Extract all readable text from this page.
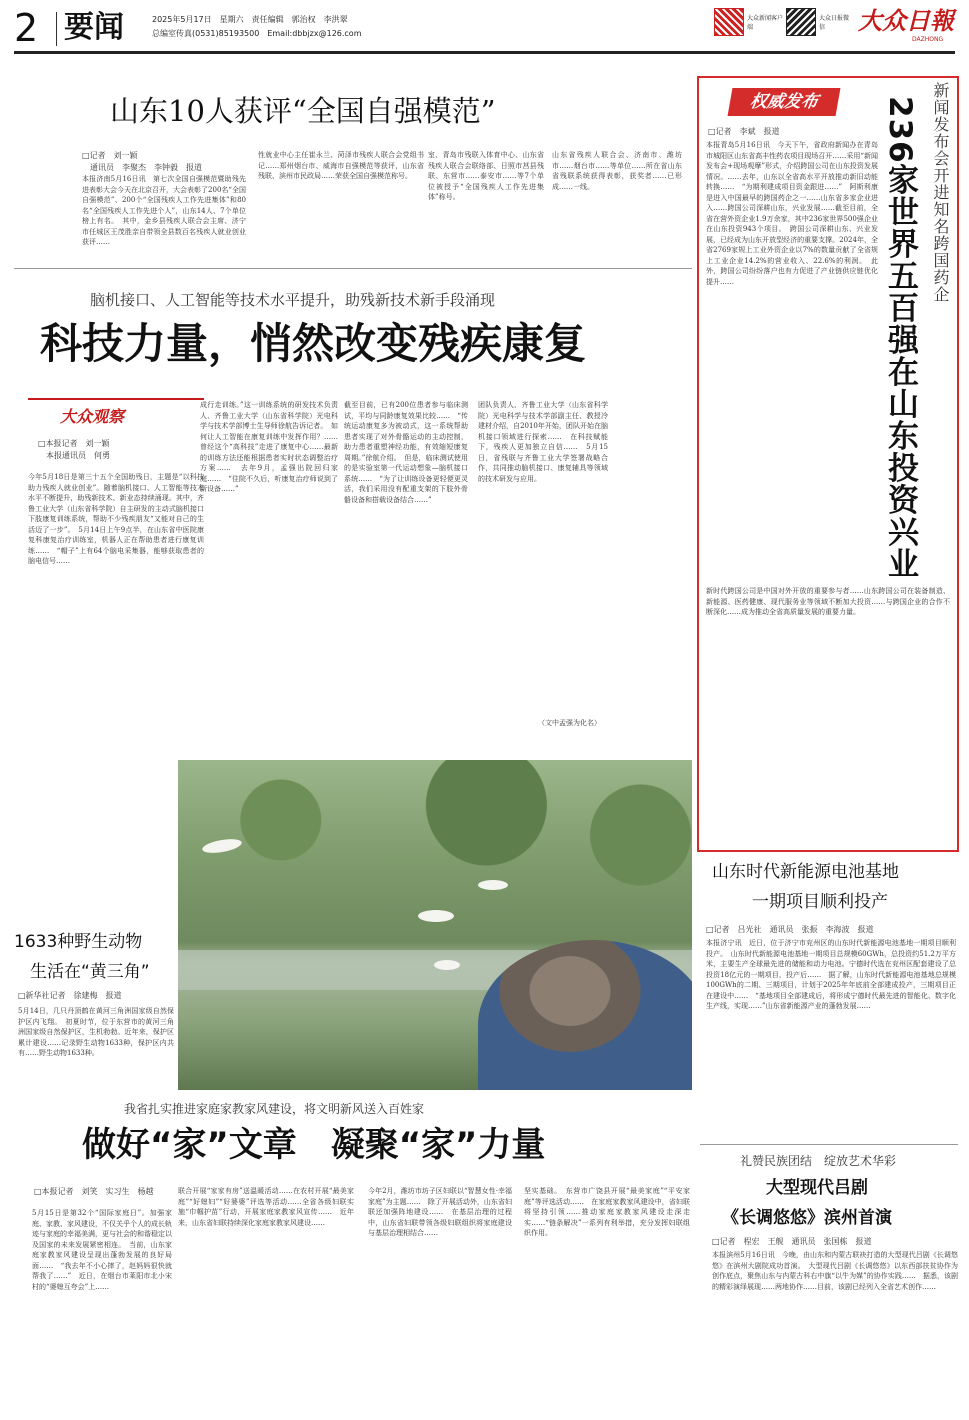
2 要闻	2025年5月17日　星期六　责任编辑　郭治权　李洪翠
总编室传真(0531)85193500　Email:dbbjzx@126.com
大众新闻客户端
大众日报微信	大众日報
DAZHONG
山东10人获评“全国自强模范”
□记者　刘一颖
　通讯员　李聚杰　李钟毅　报道
本报济南5月16日讯　第七次全国自强模范暨助残先进表彰大会今天在北京召开，大会表彰了200名“全国自强模范”、200个“全国残疾人工作先进集体”和80名“全国残疾人工作先进个人”，山东14人、7个单位榜上有名。　其中，金乡县残疾人联合会主席、济宁市任城区王茂胜亲自带领全县数百名残疾人就业创业获评……
性就业中心主任崔永兰、菏泽市残疾人联合会党组书记……郑州烟台市、威海市自强模范等获评，山东省残联、滨州市民政局……荣获全国自强模范称号。
室、青岛市残联入体育中心、山东省残疾人联合会联络部、日照市莒县残联、东营市……泰安市……等7个单位被授予“全国残疾人工作先进集体”称号。
山东省残疾人联合会、济南市、潍坊市……烟台市……等单位……所在省山东省残联系统获得表彰，获奖者……已形成……一线。
脑机接口、人工智能等技术水平提升，助残新技术新手段涌现
科技力量，悄然改变残疾康复
大众观察
□本报记者　刘一颖
　本报通讯员　何勇
今年5月18日是第三十五个全国助残日，主题是“以科技助力残疾人就业创业”。随着脑机接口、人工智能等技术水平不断提升，助残新技术、新业态持续涌现。其中，齐鲁工业大学（山东省科学院）自主研发的主动式脑机接口下肢康复训练系统，帮助不少残疾朋友“又能对自己的生活迈了一步”。　5月14日上午9点半，在山东省中医院康复科康复治疗训练室，机器人正在帮助患者进行康复训练……　“帽子”上有64个脑电采集器，能够获取患者的脑电信号……
成行走训练。”这一训练系统的研发技术负责人、齐鲁工业大学（山东省科学院）光电科学与技术学部博士生导师徐航告诉记者。　如何让人工智能在康复训练中发挥作用？……曾经这个“高科技”走进了康复中心……最新的训练方法还能根据患者实时状态调整治疗方案……　去年9月，孟强出院回归家庭……　“住院不久后，听康复治疗师说到了新设备……”
截至目前，已有200位患者参与临床测试，平均与同龄康复效果比较……　“传统运动康复多为被动式，这一系统帮助患者实现了对外骨骼运动的主动控制，助力患者重塑神经功能，有效缩短康复周期。”徐航介绍。　但是，临床测试使用的是实验室第一代运动想象—脑机接口系统……　“为了让训练设备更轻便更灵活，我们采用没有配重支架的下肢外骨骼设备和搭载设备结合……”
团队负责人、齐鲁工业大学（山东省科学院）光电科学与技术学部副主任、教授冷建材介绍，自2010年开始，团队开始在脑机接口领域进行探索……　在科技赋能下，残疾人更加独立自信……　5月15日，省残联与齐鲁工业大学签署战略合作，共同推动脑机接口、康复辅具等领域的技术研发与应用。
（文中孟强为化名）
权威发布	236家世界五百强在山东投资兴业 新闻发布会开进知名跨国药企
□记者　李斌　报道
本报青岛5月16日讯　今天下午，省政府新闻办在青岛市城阳区山东省高丰性药农项目现场召开……采用“新闻发布会+现场观摩”形式，介绍跨国公司在山东投资发展情况。……去年，山东以全省高水平开放推动新旧动能转换……　“为期利建成项目资金跟进……”　阿斯利康是进入中国最早的跨国药企之一……山东省多家企业进入……跨国公司深耕山东，兴业发展……截至目前，全省在营外资企业1.9万余家，其中236家世界500强企业在山东投资943个项目。　跨国公司深耕山东、兴业发展，已经成为山东开放型经济的重要支撑。2024年，全省2769家规上工业外资企业以7%的数量贡献了全省规上工业企业14.2%的营业收入、22.6%的利润。　此外，跨国公司纷纷落户也有力促进了产业链供应链优化提升……
新时代跨国公司是中国对外开放的重要参与者……山东跨国公司在装备制造、新能源、医药健康、现代服务业等领域不断加大投资……与跨国企业的合作不断深化……成为推动全省高质量发展的重要力量。
1633种野生动物
生活在“黄三角”
□新华社记者　徐建梅　报道
5月14日，几只丹顶鹤在黄河三角洲国家级自然保护区内飞翔。　初夏时节，位于东营市的黄河三角洲国家级自然保护区，生机勃勃。近年来，保护区累计建设……记录野生动物1633种，保护区内共有……野生动物1633种。
山东时代新能源电池基地
一期项目顺利投产
□记者　吕光社　通讯员　张振　李海波　报道
本报济宁讯　近日，位于济宁市兖州区的山东时代新能源电池基地一期项目顺利投产。　山东时代新能源电池基地一期项目总规模60GWh，总投资约51.2万平方米，主要生产全球最先进的储能和动力电池。宁德时代选在兖州区配套建设了总投资18亿元的一期项目，投产后……　据了解，山东时代新能源电池基地总规模100GWh的二期、三期项目，计划于2025年年底前全部建成投产，三期项目正在建设中……　“基地项目全部建成后，将形成宁德时代最先进的智能化、数字化生产线，实现……”山东省新能源产业的蓬勃发展……
我省扎实推进家庭家教家风建设，将文明新风送入百姓家
做好“家”文章　凝聚“家”力量
□本报记者　刘笑　实习生　杨越
5月15日是第32个“国际家庭日”。加强家庭、家教、家风建设，不仅关乎个人的成长轨迹与家庭的幸福美满，更与社会的和谐稳定以及国家的未来发展紧密相连。　当前，山东家庭家教家风建设呈现出蓬勃发展的良好局面……　“我去年不小心摔了，赵妈妈很快就帮我了……”　近日，在烟台市莱阳市北小宋村的“婆媳互夸会”上……
联合开展“家家有房”送温暖活动……在农村开展“最美家庭”“好媳妇”“好婆婆”评选等活动……全省各级妇联实施“巾帼护苗”行动，开展家庭家教家风宣传……　近年来，山东省妇联持续深化家庭家教家风建设……
今年2月，潍坊市坊子区妇联以“智慧女性·幸福家庭”为主题……　除了开展活动外，山东省妇联还加强阵地建设……　在基层治理的过程中，山东省妇联带领各级妇联组织将家庭建设与基层治理相结合……
坚实基础。　东营市广饶县开展“最美家庭”“平安家庭”等评选活动……　在家庭家教家风建设中，省妇联将坚持引领……推动家庭家教家风建设走深走实……“链条解决”一系列有利举措，充分发挥妇联组织作用。
礼赞民族团结　绽放艺术华彩
大型现代吕剧
《长调悠悠》滨州首演
□记者　程宏　王舰　通讯员　张国栋　报道
本报滨州5月16日讯　今晚，由山东和内蒙古联袂打造的大型现代吕剧《长调悠悠》在滨州大剧院成功首演。　大型现代吕剧《长调悠悠》以东西部扶贫协作为创作底点，聚焦山东与内蒙古科右中旗“以牛为媒”的协作实践……　据悉，该剧的精彩演绎展现……两地协作……目前，该剧已经列入全省艺术创作……
